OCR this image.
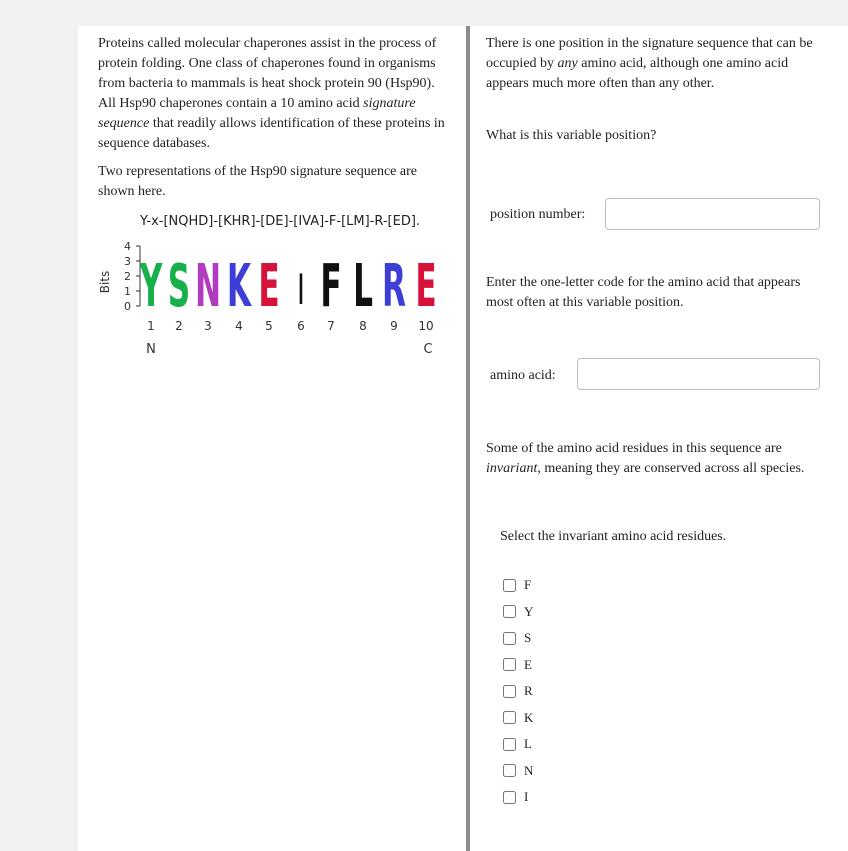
Proteins called molecular chaperones assist in the process of protein folding. One class of chaperones found in organisms from bacteria to mammals is heat shock protein 90 (Hsp90). All Hsp90 chaperones contain a 10 amino acid signature sequence that readily allows identification of these proteins in sequence databases.

Two representations of the Hsp90 signature sequence are shown here.

Y-x-[NQHD]-[KHR]-[DE]-[IVA]-F-[LM]-R-[ED].
Bits
0
1
2
3
4
Y S N K E I F L R E
1 2 3 4 5 6 7 8 9 10
N	C

There is one position in the signature sequence that can be occupied by any amino acid, although one amino acid appears much more often than any other.

What is this variable position?

position number:

Enter the one-letter code for the amino acid that appears most often at this variable position.

amino acid:

Some of the amino acid residues in this sequence are invariant, meaning they are conserved across all species.

Select the invariant amino acid residues.

F
Y
S
E
R
K
L
N
I
